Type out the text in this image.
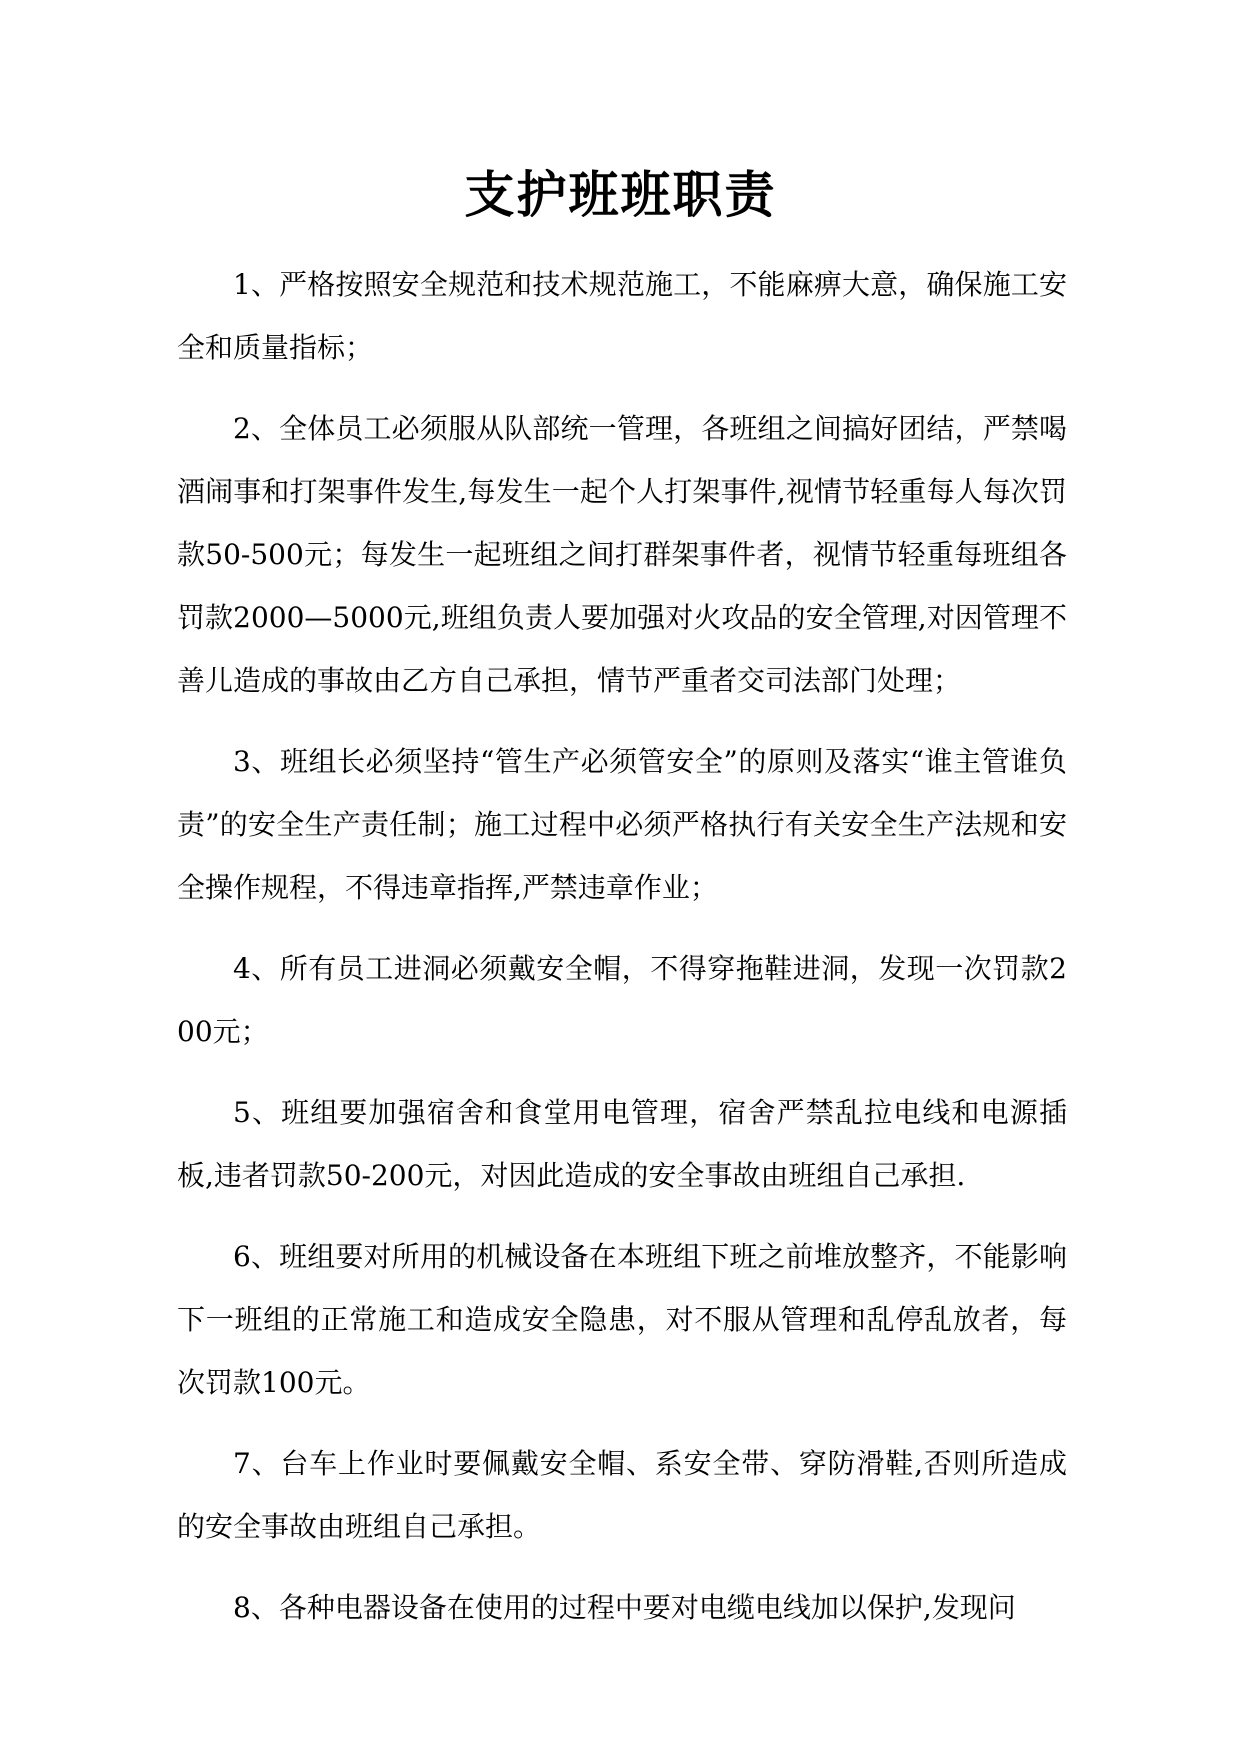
支护班班职责

1、严格按照安全规范和技术规范施工，不能麻痹大意，确保施工安全和质量指标；

2、全体员工必须服从队部统一管理，各班组之间搞好团结，严禁喝酒闹事和打架事件发生,每发生一起个人打架事件,视情节轻重每人每次罚款50-500元；每发生一起班组之间打群架事件者，视情节轻重每班组各罚款2000—5000元,班组负责人要加强对火攻品的安全管理,对因管理不善儿造成的事故由乙方自己承担，情节严重者交司法部门处理；

3、班组长必须坚持“管生产必须管安全”的原则及落实“谁主管谁负责”的安全生产责任制；施工过程中必须严格执行有关安全生产法规和安全操作规程，不得违章指挥,严禁违章作业；

4、所有员工进洞必须戴安全帽，不得穿拖鞋进洞，发现一次罚款200元；

5、班组要加强宿舍和食堂用电管理，宿舍严禁乱拉电线和电源插板,违者罚款50-200元，对因此造成的安全事故由班组自己承担.

6、班组要对所用的机械设备在本班组下班之前堆放整齐，不能影响下一班组的正常施工和造成安全隐患，对不服从管理和乱停乱放者，每次罚款100元。

7、台车上作业时要佩戴安全帽、系安全带、穿防滑鞋,否则所造成的安全事故由班组自己承担。

8、各种电器设备在使用的过程中要对电缆电线加以保护,发现问
